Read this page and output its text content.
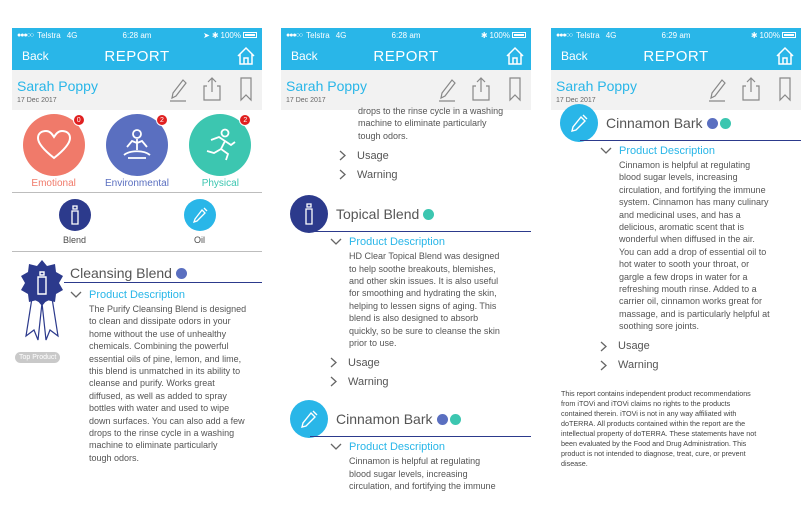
●●●○○ Telstra 4G	6:28 am	➤ ✱ 100%
Back	REPORT
Sarah Poppy
17 Dec 2017
0
Emotional
2
Environmental
2
Physical
Blend	Oil
Top Product
Cleansing Blend
Product Description
The Purify Cleansing Blend is designed
to clean and dissipate odors in your
home without the use of unhealthy
chemicals. Combining the powerful
essential oils of pine, lemon, and lime,
this blend is unmatched in its ability to
cleanse and purify. Works great
diffused, as well as added to spray
bottles with water and used to wipe
down surfaces. You can also add a few
drops to the rinse cycle in a washing
machine to eliminate particularly
tough odors.
●●●○○ Telstra 4G	6:28 am	✱ 100%
Back	REPORT
Sarah Poppy
17 Dec 2017
drops to the rinse cycle in a washing
machine to eliminate particularly
tough odors.
Usage
Warning
Topical Blend
Product Description
HD Clear Topical Blend was designed
to help soothe breakouts, blemishes,
and other skin issues. It is also useful
for smoothing and hydrating the skin,
helping to lessen signs of aging. This
blend is also designed to absorb
quickly, so be sure to cleanse the skin
prior to use.
Usage
Warning
Cinnamon Bark
Product Description
Cinnamon is helpful at regulating
blood sugar levels, increasing
circulation, and fortifying the immune
●●●○○ Telstra 4G	6:29 am	✱ 100%
Back	REPORT
Sarah Poppy
17 Dec 2017
Cinnamon Bark
Product Description
Cinnamon is helpful at regulating
blood sugar levels, increasing
circulation, and fortifying the immune
system. Cinnamon has many culinary
and medicinal uses, and has a
delicious, aromatic scent that is
wonderful when diffused in the air.
You can add a drop of essential oil to
hot water to sooth your throat, or
gargle a few drops in water for a
refreshing mouth rinse. Added to a
carrier oil, cinnamon works great for
massage, and is particularly helpful at
soothing sore joints.
Usage
Warning
This report contains independent product recommendations
from iTOVi and iTOVi claims no rights to the products
contained therein. iTOVi is not in any way affiliated with
doTERRA. All products contained within the report are the
intellectual property of doTERRA. These statements have not
been evaluated by the Food and Drug Administration. This
product is not intended to diagnose, treat, cure, or prevent
disease.
